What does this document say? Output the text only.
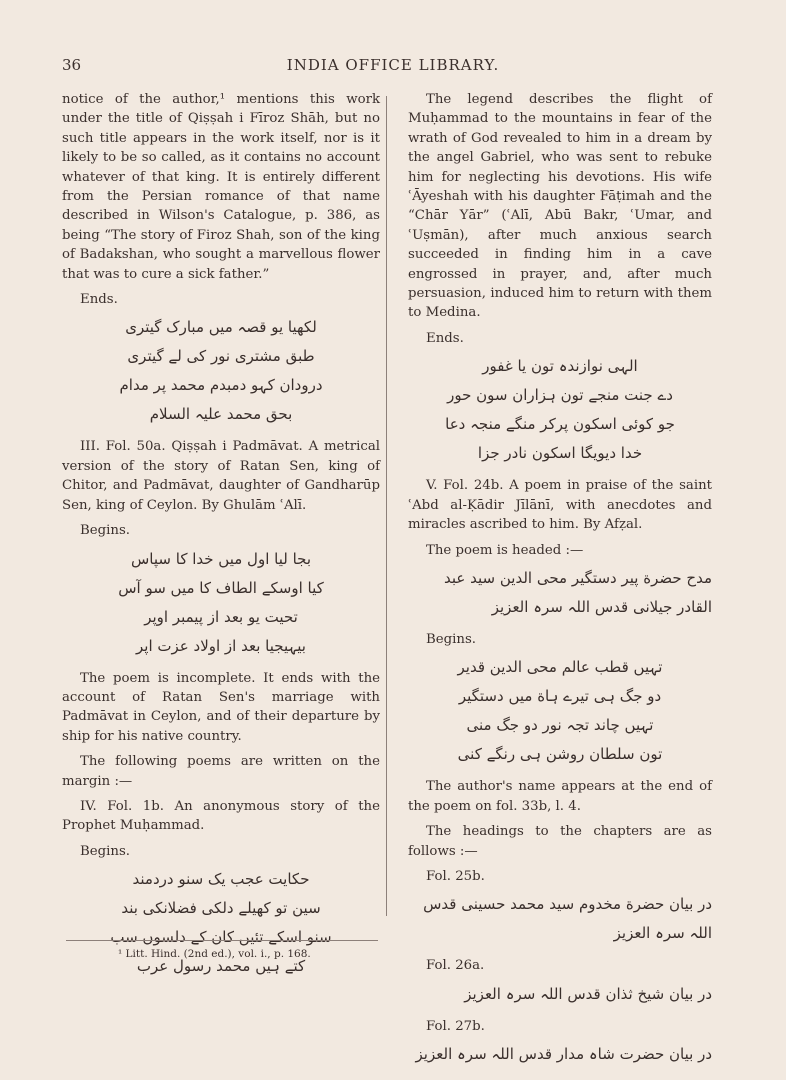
36	INDIA OFFICE LIBRARY.

notice of the author,¹ mentions this work under the title of Qiṣṣah i Fīroz Shāh, but no such title appears in the work itself, nor is it likely to be so called, as it contains no account whatever of that king. It is entirely different from the Persian romance of that name described in Wilson's Catalogue, p. 386, as being “The story of Firoz Shah, son of the king of Badakshan, who sought a marvellous flower that was to cure a sick father.”

Ends.
لکھیا یو قصہ میں مبارک گیتری
طبق مشتری نور کی لے گیتری
درودان کہو دمبدم محمد پر مدام
بحق محمد علیہ السلام

III. Fol. 50a. Qiṣṣah i Padmāvat. A metrical version of the story of Ratan Sen, king of Chitor, and Padmāvat, daughter of Gandharūp Sen, king of Ceylon. By Ghulām ʿAlī.

Begins.
بجا لیا اول میں خدا کا سپاس
کیا اوسکے الطاف کا میں سو آس
تحیت یو بعد از پیمبر اوپر
بیہیجیا بعد از اولاد عزت اپر

The poem is incomplete. It ends with the account of Ratan Sen's marriage with Padmāvat in Ceylon, and of their departure by ship for his native country.

The following poems are written on the margin :—

IV. Fol. 1b. An anonymous story of the Prophet Muḥammad.

Begins.
حکایت عجب یک سنو دردمند
سین تو کھیلے دلکی فضلانکی بند
سنو اسکے تئیں کان کے دلسوں سب
کتے ہیں محمد رسول عرب

The legend describes the flight of Muḥammad to the mountains in fear of the wrath of God revealed to him in a dream by the angel Gabriel, who was sent to rebuke him for neglecting his devotions. His wife ʿĀyeshah with his daughter Fāṭimah and the “Chār Yār” (ʿAlī, Abū Bakr, ʿUmar, and ʿUṣmān), after much anxious search succeeded in finding him in a cave engrossed in prayer, and, after much persuasion, induced him to return with them to Medina.

Ends.
الہی نوازندہ تون یا غفور
دے جنت منجے تون ہزاران سون حور
جو کوئی اسکون پرکر منگے منجہ دعا
خدا دیویگا اسکون نادر جزا

V. Fol. 24b. A poem in praise of the saint ʿAbd al-Ḳādir Jīlānī, with anecdotes and miracles ascribed to him. By Afẓal.

The poem is headed :—
مدح حضرة پیر دستگیر محی الدین سید عبد
القادر جیلانی قدس اللہ سرہ العزیز
Begins.
تہیں قطب عالم محی الدین قدیر
دو جگ ہی تیرے ہاة میں دستگیر
تہیں چاند تجہ نور دو جگ منی
تون سلطان روشن ہی رنگے کنی

The author's name appears at the end of the poem on fol. 33b, l. 4.

The headings to the chapters are as follows :—

Fol. 25b.
در بیان حضرة مخدوم سید محمد حسینی قدس
اللہ سرہ العزیز
Fol. 26a.
در بیان شیخ ثذان قدس اللہ سرہ العزیز
Fol. 27b.
در بیان حضرت شاہ مدار قدس اللہ سرہ العزیز
¹ Litt. Hind. (2nd ed.), vol. i., p. 168.
